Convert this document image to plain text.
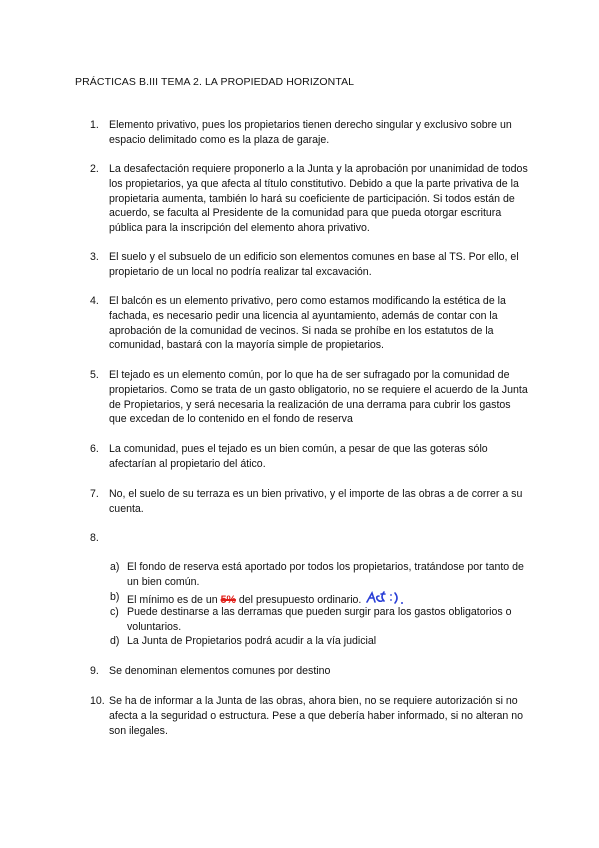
PRÁCTICAS B.III TEMA 2. LA PROPIEDAD HORIZONTAL
1. Elemento privativo, pues los propietarios tienen derecho singular y exclusivo sobre un espacio delimitado como es la plaza de garaje.
2. La desafectación requiere proponerlo a la Junta y la aprobación por unanimidad de todos los propietarios, ya que afecta al título constitutivo. Debido a que la parte privativa de la propietaria aumenta, también lo hará su coeficiente de participación. Si todos están de acuerdo, se faculta al Presidente de la comunidad para que pueda otorgar escritura pública para la inscripción del elemento ahora privativo.
3. El suelo y el subsuelo de un edificio son elementos comunes en base al TS. Por ello, el propietario de un local no podría realizar tal excavación.
4. El balcón es un elemento privativo, pero como estamos modificando la estética de la fachada, es necesario pedir una licencia al ayuntamiento, además de contar con la aprobación de la comunidad de vecinos. Si nada se prohíbe en los estatutos de la comunidad, bastará con la mayoría simple de propietarios.
5. El tejado es un elemento común, por lo que ha de ser sufragado por la comunidad de propietarios. Como se trata de un gasto obligatorio, no se requiere el acuerdo de la Junta de Propietarios, y será necesaria la realización de una derrama para cubrir los gastos que excedan de lo contenido en el fondo de reserva
6. La comunidad, pues el tejado es un bien común, a pesar de que las goteras sólo afectarían al propietario del ático.
7. No, el suelo de su terraza es un bien privativo, y el importe de las obras a de correr a su cuenta.
8.
a) El fondo de reserva está aportado por todos los propietarios, tratándose por tanto de un bien común.
b) El mínimo es de un 5% del presupuesto ordinario.
c) Puede destinarse a las derramas que pueden surgir para los gastos obligatorios o voluntarios.
d) La Junta de Propietarios podrá acudir a la vía judicial
9. Se denominan elementos comunes por destino
10. Se ha de informar a la Junta de las obras, ahora bien, no se requiere autorización si no afecta a la seguridad o estructura. Pese a que debería haber informado, si no alteran no son ilegales.
